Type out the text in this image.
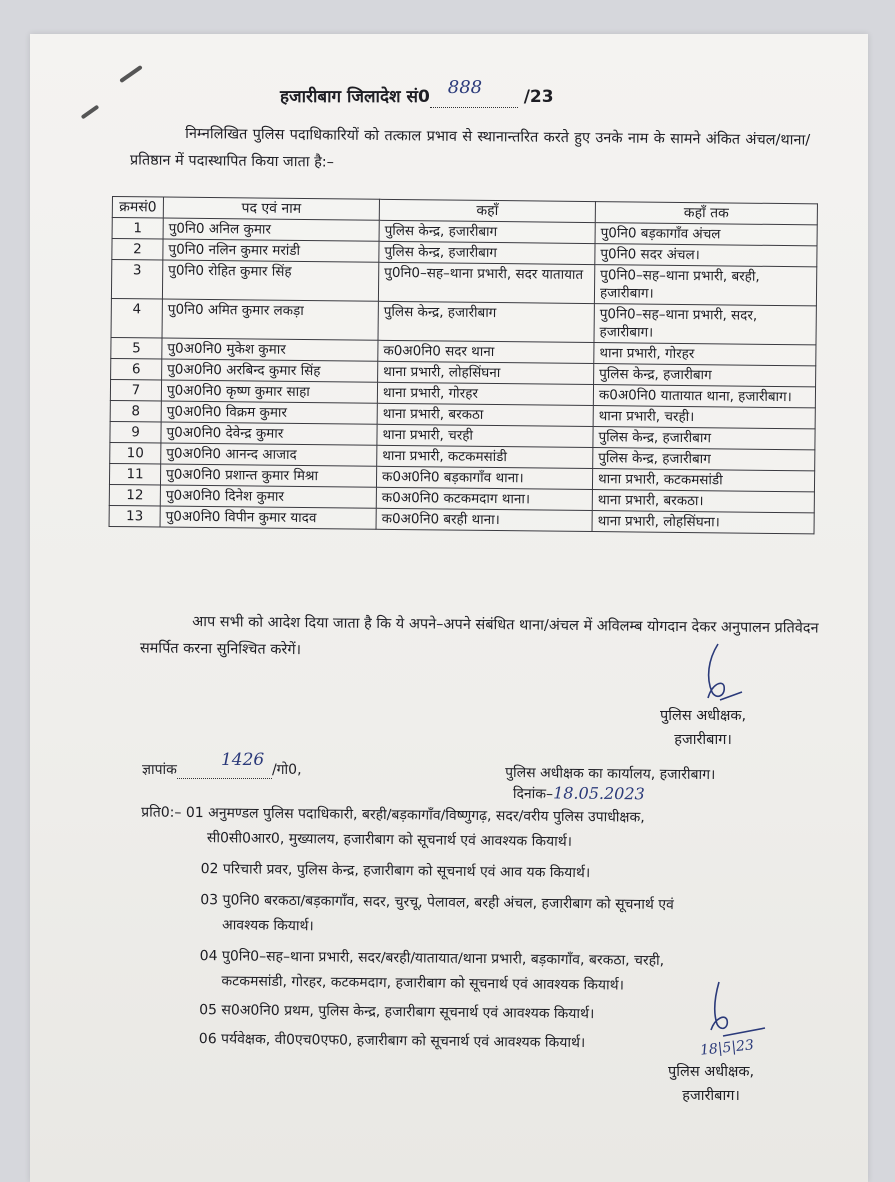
हजारीबाग जिलादेश सं0 888 /23
निम्नलिखित पुलिस पदाधिकारियों को तत्काल प्रभाव से स्थानान्तरित करते हुए उनके नाम के सामने अंकित अंचल/थाना/प्रतिष्ठान में पदास्थापित किया जाता है:–
क्रमसं0	पद एवं नाम	कहाँ	कहाँ तक
1	पु0नि0 अनिल कुमार	पुलिस केन्द्र, हजारीबाग	पु0नि0 बड़कागाँव अंचल
2	पु0नि0 नलिन कुमार मरांडी	पुलिस केन्द्र, हजारीबाग	पु0नि0 सदर अंचल।
3	पु0नि0 रोहित कुमार सिंह	पु0नि0–सह–थाना प्रभारी, सदर यातायात	पु0नि0–सह–थाना प्रभारी, बरही, हजारीबाग।
4	पु0नि0 अमित कुमार लकड़ा	पुलिस केन्द्र, हजारीबाग	पु0नि0–सह–थाना प्रभारी, सदर, हजारीबाग।
5	पु0अ0नि0 मुकेश कुमार	क0अ0नि0 सदर थाना	थाना प्रभारी, गोरहर
6	पु0अ0नि0 अरबिन्द कुमार सिंह	थाना प्रभारी, लोहसिंघना	पुलिस केन्द्र, हजारीबाग
7	पु0अ0नि0 कृष्ण कुमार साहा	थाना प्रभारी, गोरहर	क0अ0नि0 यातायात थाना, हजारीबाग।
8	पु0अ0नि0 विक्रम कुमार	थाना प्रभारी, बरकठा	थाना प्रभारी, चरही।
9	पु0अ0नि0 देवेन्द्र कुमार	थाना प्रभारी, चरही	पुलिस केन्द्र, हजारीबाग
10	पु0अ0नि0 आनन्द आजाद	थाना प्रभारी, कटकमसांडी	पुलिस केन्द्र, हजारीबाग
11	पु0अ0नि0 प्रशान्त कुमार मिश्रा	क0अ0नि0 बड़कागाँव थाना।	थाना प्रभारी, कटकमसांडी
12	पु0अ0नि0 दिनेश कुमार	क0अ0नि0 कटकमदाग थाना।	थाना प्रभारी, बरकठा।
13	पु0अ0नि0 विपीन कुमार यादव	क0अ0नि0 बरही थाना।	थाना प्रभारी, लोहसिंघना।
आप सभी को आदेश दिया जाता है कि ये अपने–अपने संबंधित थाना/अंचल में अविलम्ब योगदान देकर अनुपालन प्रतिवेदन समर्पित करना सुनिश्चित करेगें।
पुलिस अधीक्षक,
हजारीबाग।
ज्ञापांक	1426 /गो0,	पुलिस अधीक्षक का कार्यालय, हजारीबाग।
दिनांक–18.05.2023
प्रति0:– 01 अनुमण्डल पुलिस पदाधिकारी, बरही/बड़कागाँव/विष्णुगढ़, सदर/वरीय पुलिस उपाधीक्षक,
सी0सी0आर0, मुख्यालय, हजारीबाग को सूचनार्थ एवं आवश्यक कियार्थ।
02 परिचारी प्रवर, पुलिस केन्द्र, हजारीबाग को सूचनार्थ एवं आव यक कियार्थ।
03 पु0नि0 बरकठा/बड़कागाँव, सदर, चुरचू, पेलावल, बरही अंचल, हजारीबाग को सूचनार्थ एवं
आवश्यक कियार्थ।
04 पु0नि0–सह–थाना प्रभारी, सदर/बरही/यातायात/थाना प्रभारी, बड़कागाँव, बरकठा, चरही,
कटकमसांडी, गोरहर, कटकमदाग, हजारीबाग को सूचनार्थ एवं आवश्यक कियार्थ।
05 स0अ0नि0 प्रथम, पुलिस केन्द्र, हजारीबाग सूचनार्थ एवं आवश्यक कियार्थ।
06 पर्यवेक्षक, वी0एच0एफ0, हजारीबाग को सूचनार्थ एवं आवश्यक कियार्थ।	18|5|23
पुलिस अधीक्षक,
हजारीबाग।
